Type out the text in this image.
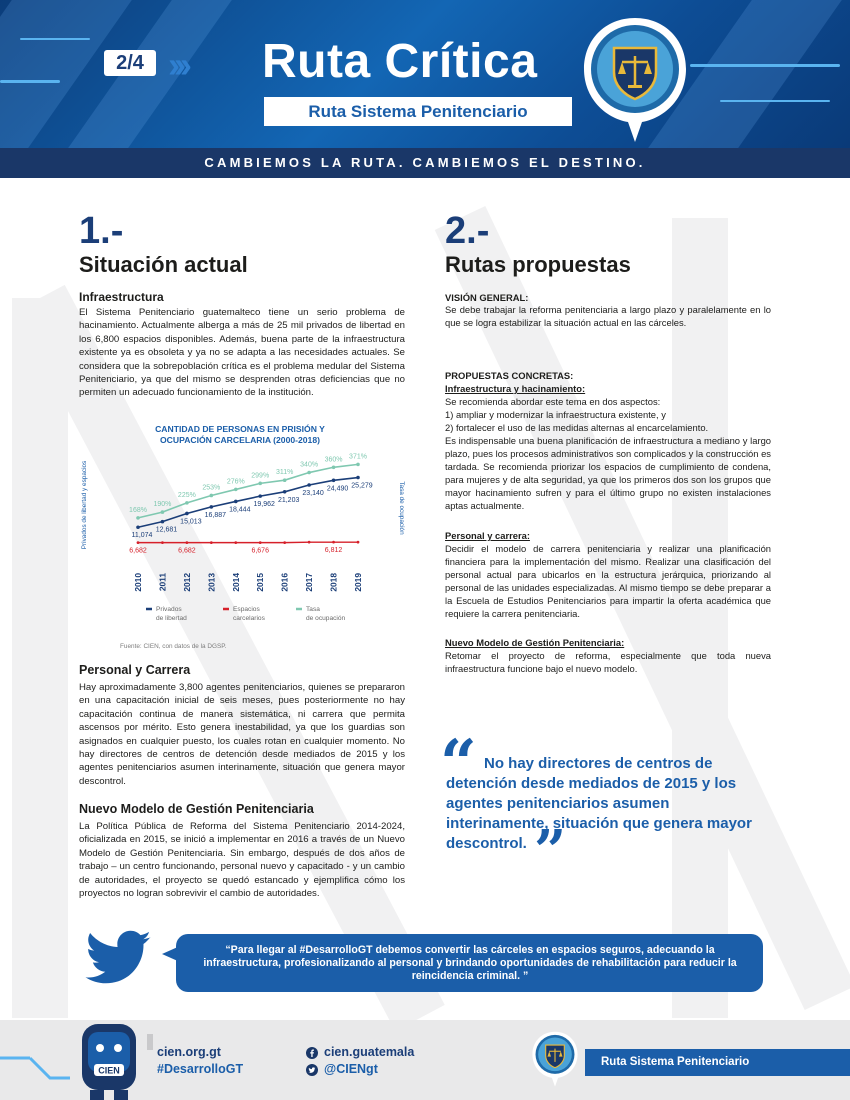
2/4 ››› Ruta Crítica
Ruta Sistema Penitenciario
CAMBIEMOS LA RUTA. CAMBIEMOS EL DESTINO.
1.-
Situación actual
Infraestructura
El Sistema Penitenciario guatemalteco tiene un serio problema de hacinamiento. Actualmente alberga a más de 25 mil privados de libertad en los 6,800 espacios disponibles. Además, buena parte de la infraestructura existente ya es obsoleta y ya no se adapta a las necesidades actuales. Se considera que la sobrepoblación crítica es el problema medular del Sistema Penitenciario, ya que del mismo se desprenden otras deficiencias que no permiten un adecuado funcionamiento de la institución.
CANTIDAD DE PERSONAS EN PRISIÓN Y
OCUPACIÓN CARCELARIA (2000-2018)
Privados de libertad y espacios	Tasa de ocupación
168%
190%
225%
253%
276%
299% 311%
340%
360% 371%
11,074
12,681
15,013
16,887
18,444
19,962
21,203
23,140
24,490 25,279
6,682	6,682	6,676	6,812
2010 2011 2012 2013 2014 2015 2016 2017 2018 2019
Privados
de libertad
Espacios
carcelarios
Tasa
de ocupación
Fuente: CIEN, con datos de la DGSP.
Personal y Carrera
Hay aproximadamente 3,800 agentes penitenciarios, quienes se prepararon en una capacitación inicial de seis meses, pues posteriormente no hay capacitación continua de manera sistemática, ni carrera que permita ascensos por mérito. Esto genera inestabilidad, ya que los guardias son asignados en cualquier puesto, los cuales rotan en cualquier momento. No hay directores de centros de detención desde mediados de 2015 y los agentes penitenciarios asumen interinamente, situación que genera mayor descontrol.
Nuevo Modelo de Gestión Penitenciaria
La Política Pública de Reforma del Sistema Penitenciario 2014-2024, oficializada en 2015, se inició a implementar en 2016 a través de un Nuevo Modelo de Gestión Penitenciaria. Sin embargo, después de dos años de trabajo – un centro funcionando, personal nuevo y capacitado - y un cambio de autoridades, el proyecto se quedó estancado y ejemplifica cómo los proyectos no logran sobrevivir el cambio de autoridades.
2.-
Rutas propuestas
VISIÓN GENERAL:
Se debe trabajar la reforma penitenciaria a largo plazo y paralelamente en lo que se logra estabilizar la situación actual en las cárceles.
PROPUESTAS CONCRETAS:
Infraestructura y hacinamiento:
Se recomienda abordar este tema en dos aspectos:
1) ampliar y modernizar la infraestructura existente, y
2) fortalecer el uso de las medidas alternas al encarcelamiento.
Es indispensable una buena planificación de infraestructura a mediano y largo plazo, pues los procesos administrativos son complicados y la construcción es tardada. Se recomienda priorizar los espacios de cumplimiento de condena, para mujeres y de alta seguridad, ya que los primeros dos son los grupos que mayor hacinamiento sufren y para el último grupo no existen instalaciones aptas actualmente.
Personal y carrera:
Decidir el modelo de carrera penitenciaria y realizar una planificación financiera para la implementación del mismo. Realizar una clasificación del personal actual para ubicarlos en la estructura jerárquica, priorizando al personal de las unidades especializadas. Al mismo tiempo se debe preparar a la Escuela de Estudios Penitenciarios para impartir la oferta académica que requiere la carrera penitenciaria.
Nuevo Modelo de Gestión Penitenciaria:
Retomar el proyecto de reforma, especialmente que toda nueva infraestructura funcione bajo el nuevo modelo.
“ No hay directores de centros de detención desde mediados de 2015 y los agentes penitenciarios asumen interinamente, situación que genera mayor descontrol. ”
“Para llegar al #DesarrolloGT debemos convertir las cárceles en espacios seguros, adecuando la infraestructura, profesionalizando al personal y brindando oportunidades de rehabilitación para reducir la reincidencia criminal. ”
CIEN
cien.org.gt
#DesarrolloGT
cien.guatemala
@CIENgt	Ruta Sistema Penitenciario
